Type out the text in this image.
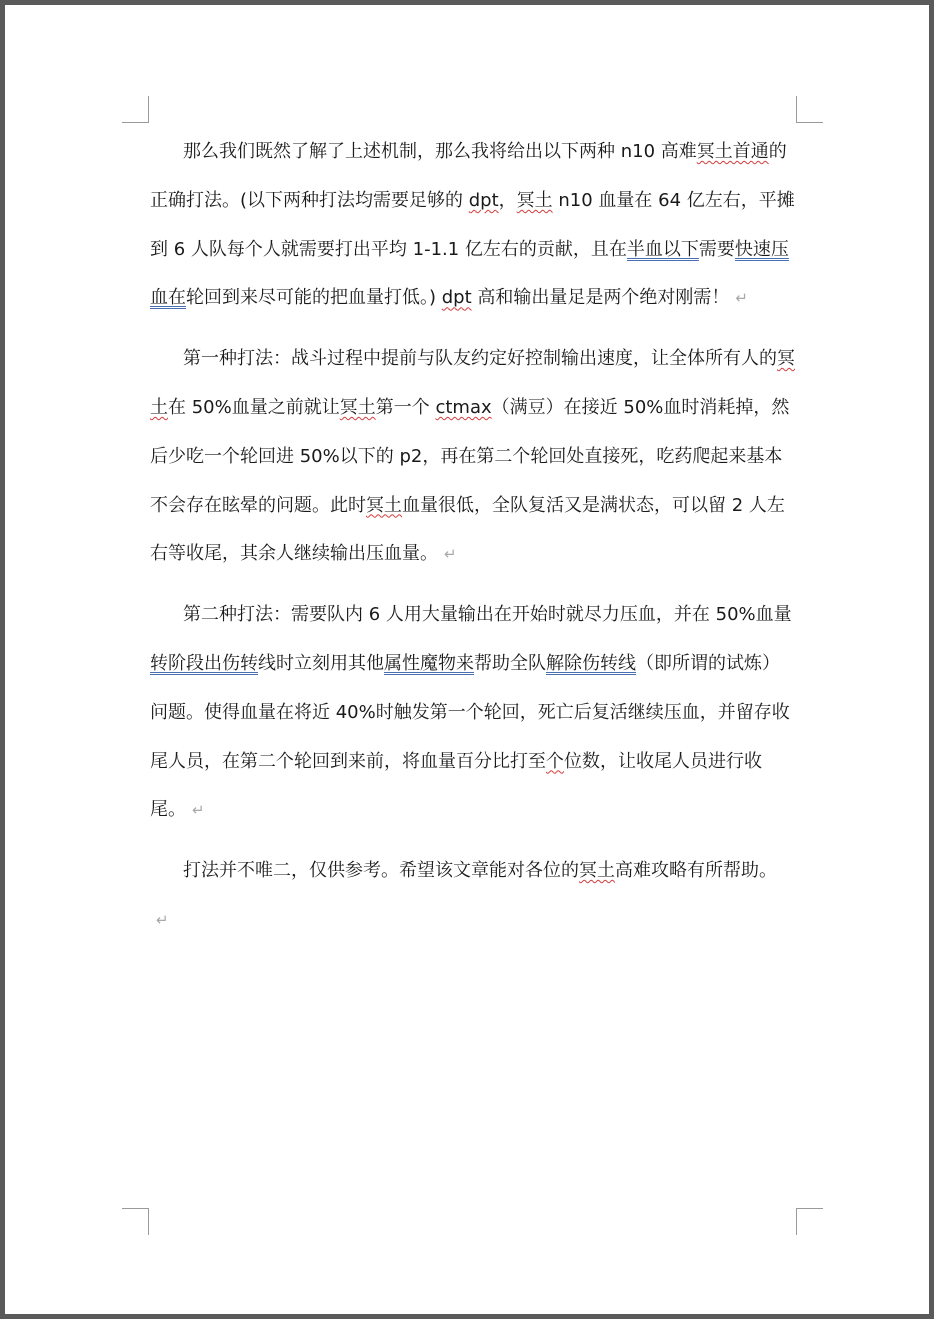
那么我们既然了解了上述机制，那么我将给出以下两种 n10 高难冥土首通的正确打法。(以下两种打法均需要足够的 dpt，冥土 n10 血量在 64 亿左右，平摊到 6 人队每个人就需要打出平均 1-1.1 亿左右的贡献，且在半血以下需要快速压血在轮回到来尽可能的把血量打低。) dpt 高和输出量足是两个绝对刚需！ ↵

第一种打法：战斗过程中提前与队友约定好控制输出速度，让全体所有人的冥土在 50%血量之前就让冥土第一个 ctmax（满豆）在接近 50%血时消耗掉，然后少吃一个轮回进 50%以下的 p2，再在第二个轮回处直接死，吃药爬起来基本不会存在眩晕的问题。此时冥土血量很低，全队复活又是满状态，可以留 2 人左右等收尾，其余人继续输出压血量。 ↵

第二种打法：需要队内 6 人用大量输出在开始时就尽力压血，并在 50%血量转阶段出伤转线时立刻用其他属性魔物来帮助全队解除伤转线（即所谓的试炼）问题。使得血量在将近 40%时触发第一个轮回，死亡后复活继续压血，并留存收尾人员，在第二个轮回到来前，将血量百分比打至个位数，让收尾人员进行收尾。 ↵

打法并不唯二，仅供参考。希望该文章能对各位的冥土高难攻略有所帮助。↵
